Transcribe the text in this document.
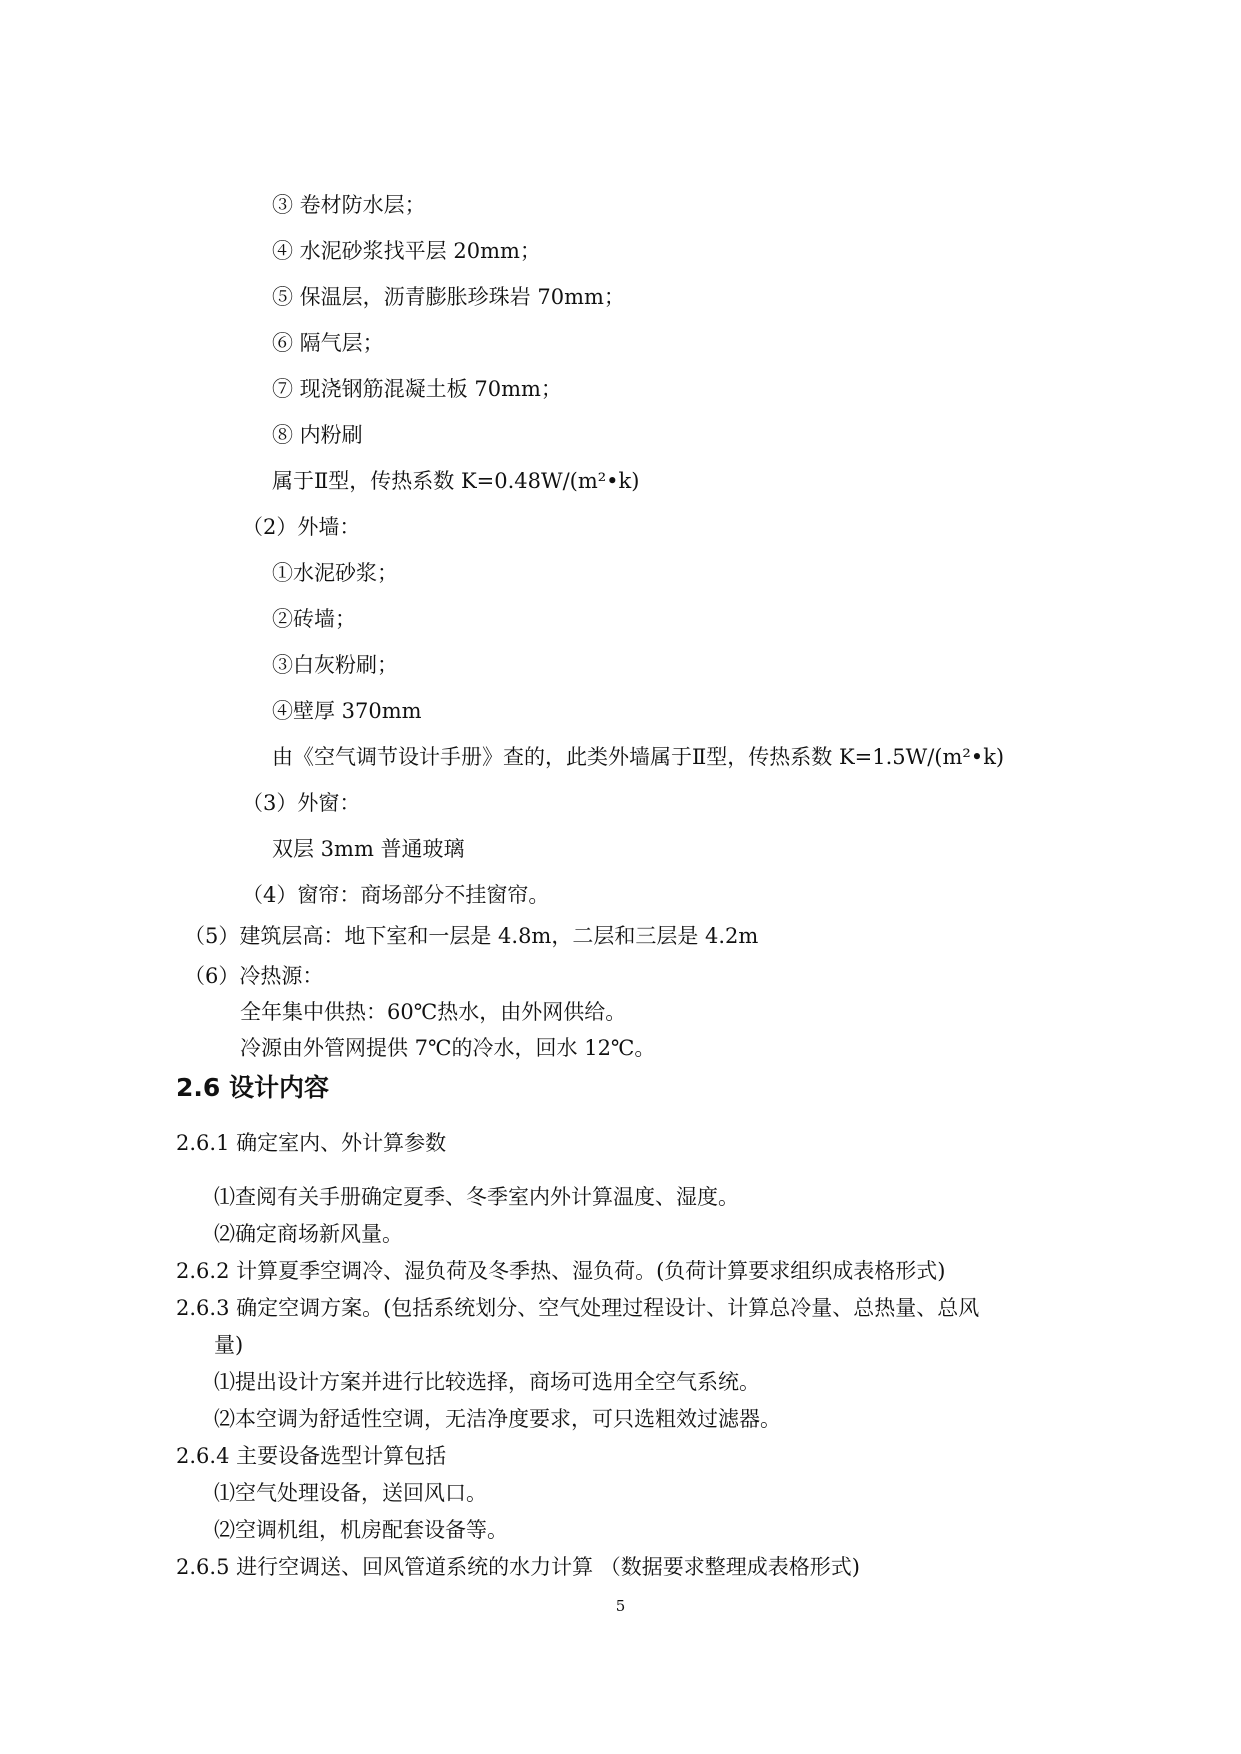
③ 卷材防水层；
④ 水泥砂浆找平层 20mm；
⑤ 保温层，沥青膨胀珍珠岩 70mm；
⑥ 隔气层；
⑦ 现浇钢筋混凝土板 70mm；
⑧ 内粉刷
属于Ⅱ型，传热系数 K=0.48W/(m²•k)
（2）外墙：
①水泥砂浆；
②砖墙；
③白灰粉刷；
④壁厚 370mm
由《空气调节设计手册》查的，此类外墙属于Ⅱ型，传热系数 K=1.5W/(m²•k)
（3）外窗：
双层 3mm 普通玻璃
（4）窗帘：商场部分不挂窗帘。
（5）建筑层高：地下室和一层是 4.8m，二层和三层是 4.2m
（6）冷热源：
全年集中供热：60℃热水，由外网供给。
冷源由外管网提供 7℃的冷水，回水 12℃。
2.6 设计内容
2.6.1 确定室内、外计算参数
⑴查阅有关手册确定夏季、冬季室内外计算温度、湿度。
⑵确定商场新风量。
2.6.2 计算夏季空调冷、湿负荷及冬季热、湿负荷。(负荷计算要求组织成表格形式)
2.6.3 确定空调方案。(包括系统划分、空气处理过程设计、计算总冷量、总热量、总风
量)
⑴提出设计方案并进行比较选择，商场可选用全空气系统。
⑵本空调为舒适性空调，无洁净度要求，可只选粗效过滤器。
2.6.4 主要设备选型计算包括
⑴空气处理设备，送回风口。
⑵空调机组，机房配套设备等。
2.6.5 进行空调送、回风管道系统的水力计算 （数据要求整理成表格形式)
5
